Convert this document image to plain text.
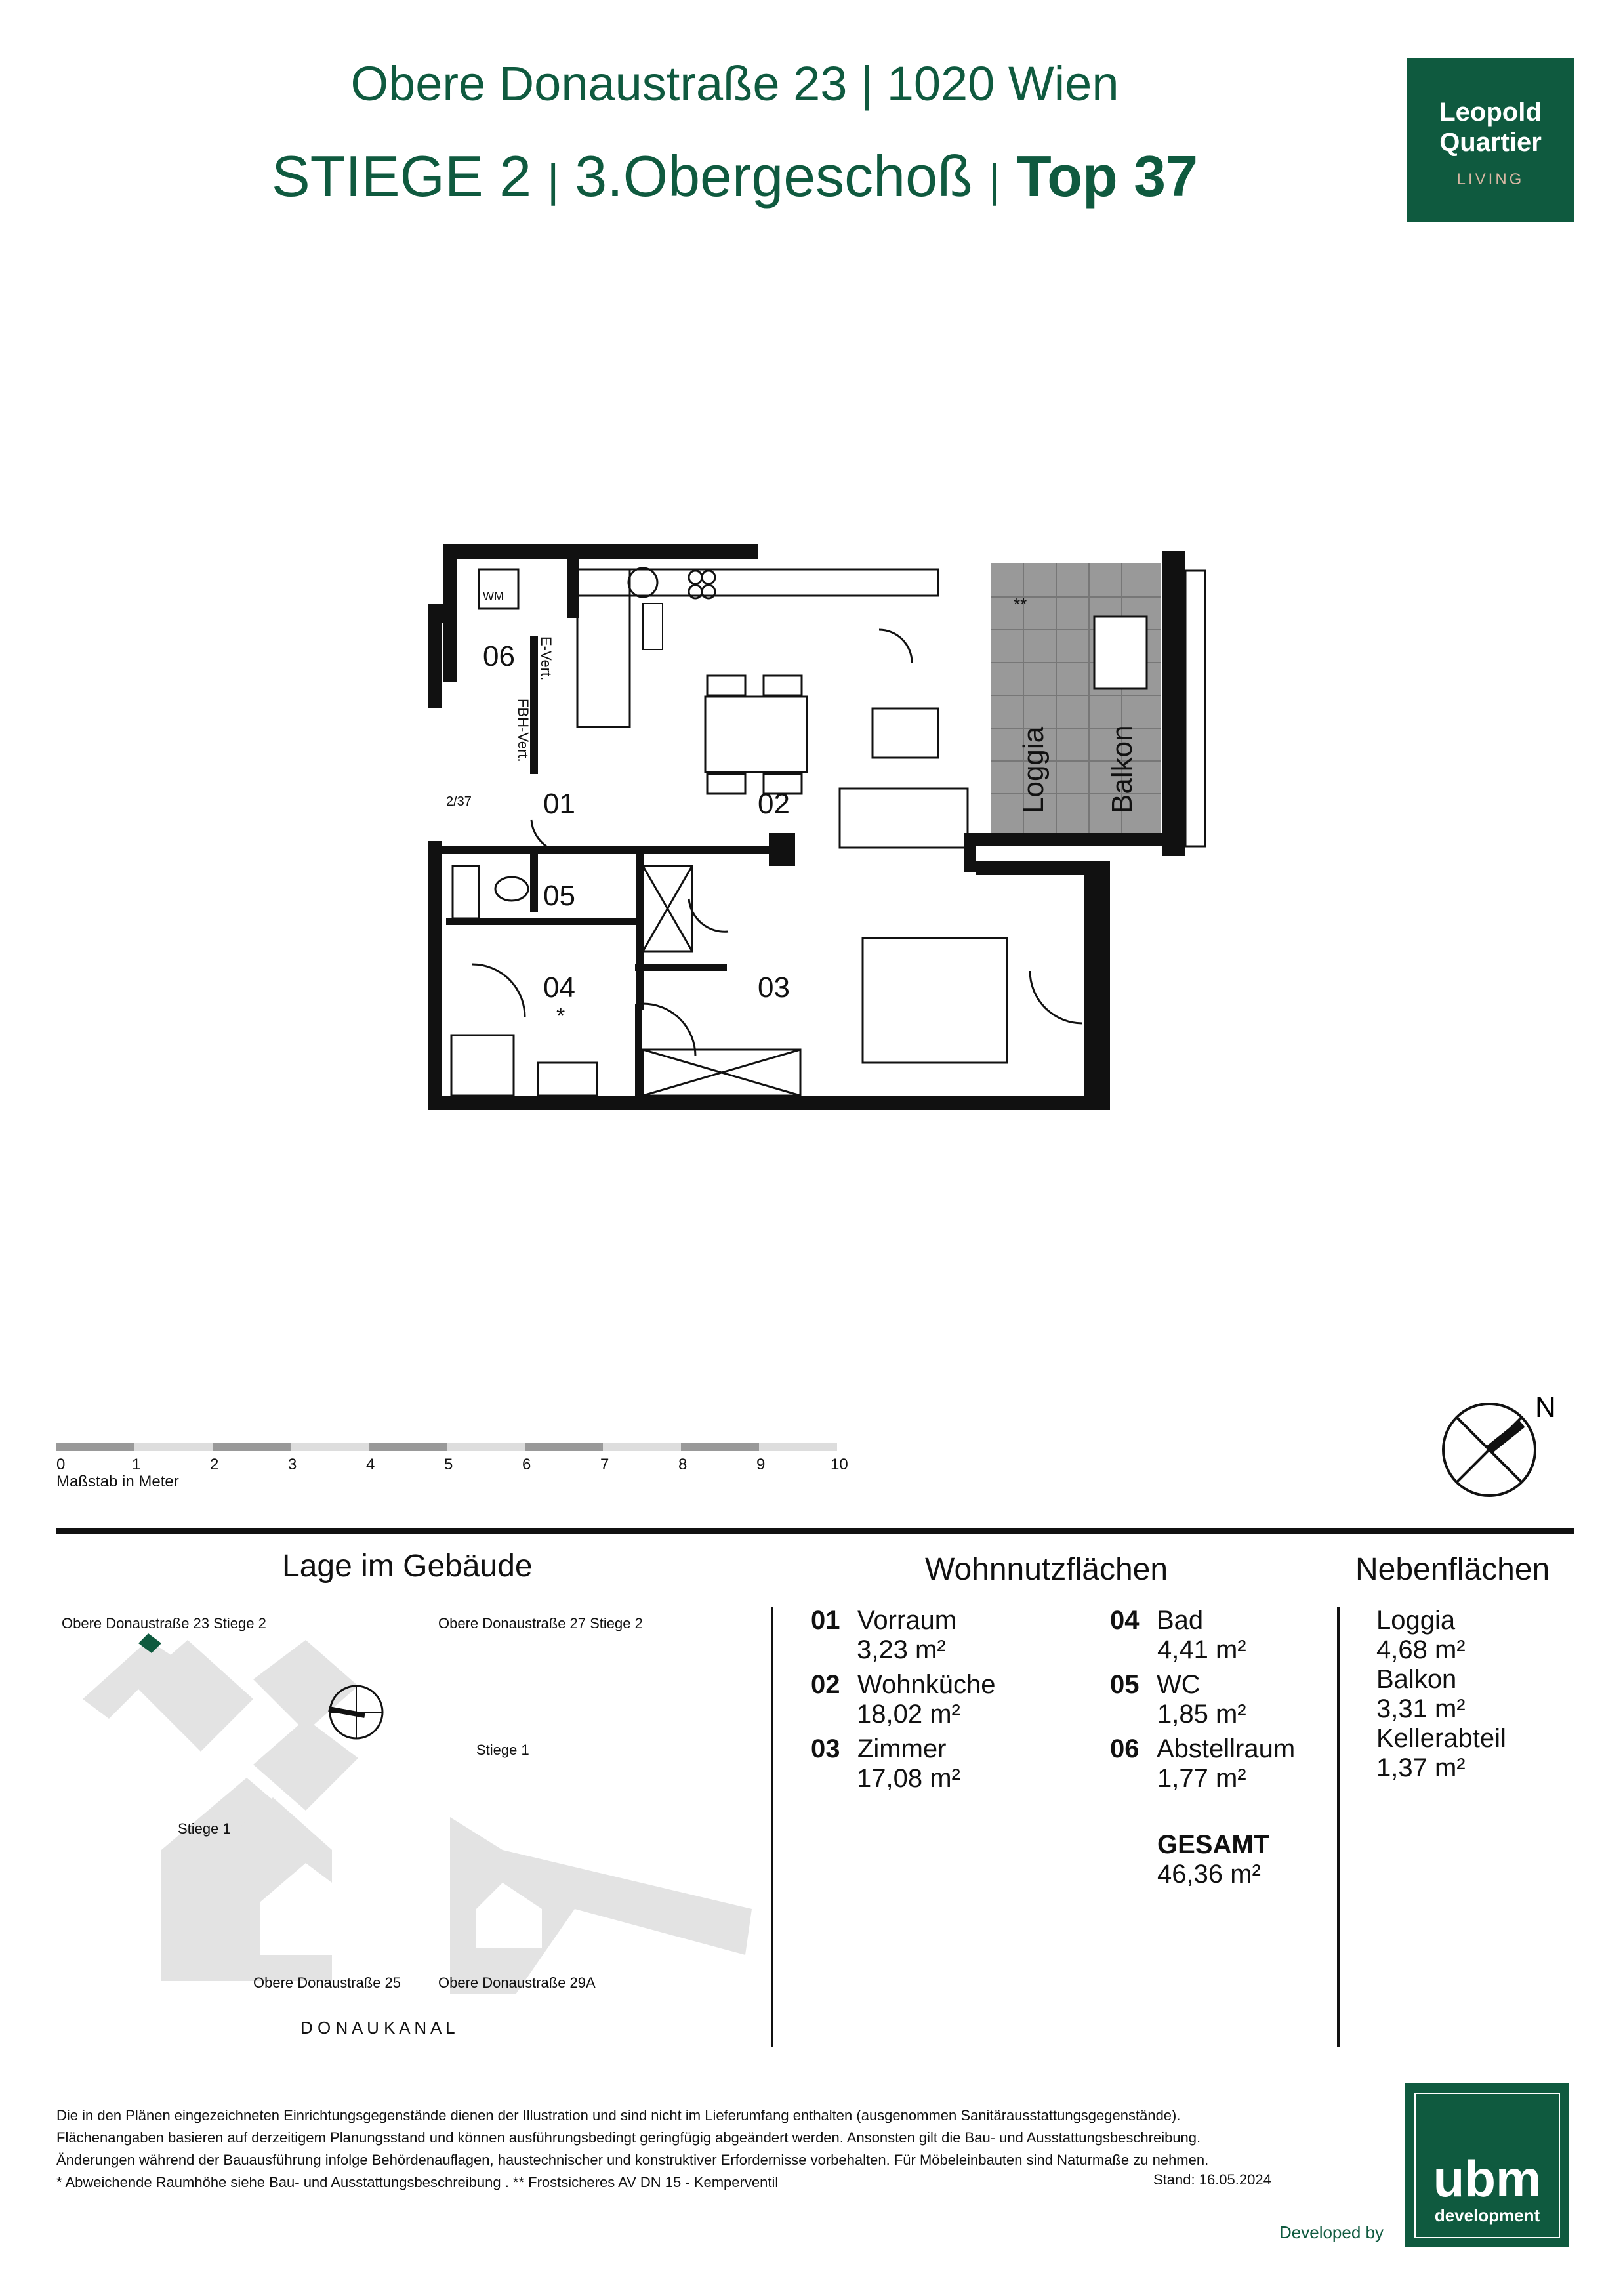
Obere Donaustraße 23 | 1020 Wien
STIEGE 2 | 3.Obergeschoß | Top 37
Leopold
Quartier
LIVING
WM
06
01	02
05
04	03
*
2/37
**
E-Vert.
FBH-Vert.	Loggia Balkon
0	1	2	3	4	5	6	7	8	9	10
Maßstab in Meter
N
Lage im Gebäude
Obere Donaustraße 23 Stiege 2	Obere Donaustraße 27 Stiege 2
Stiege 1
Stiege 1
Obere Donaustraße 25	Obere Donaustraße 29A
D O N A U K A N A L
Wohnnutzflächen
01 Vorraum
3,23 m²
02 Wohnküche
18,02 m²
03 Zimmer
17,08 m²
04 Bad
4,41 m²
05 WC
1,85 m²
06 Abstellraum
1,77 m²
GESAMT
46,36 m²
Nebenflächen
Loggia
4,68 m²
Balkon
3,31 m²
Kellerabteil
1,37 m²
Die in den Plänen eingezeichneten Einrichtungsgegenstände dienen der Illustration und sind nicht im Lieferumfang enthalten (ausgenommen Sanitärausstattungsgegenstände).
Flächenangaben basieren auf derzeitigem Planungsstand und können ausführungsbedingt geringfügig abgeändert werden. Ansonsten gilt die Bau- und Ausstattungsbeschreibung.
Änderungen während der Bauausführung infolge Behördenauflagen, haustechnischer und konstruktiver Erfordernisse vorbehalten. Für Möbeleinbauten sind Naturmaße zu nehmen.
* Abweichende Raumhöhe siehe Bau- und Ausstattungsbeschreibung . ** Frostsicheres AV DN 15 - Kemperventil	Stand: 16.05.2024	ubm
development
Developed by
